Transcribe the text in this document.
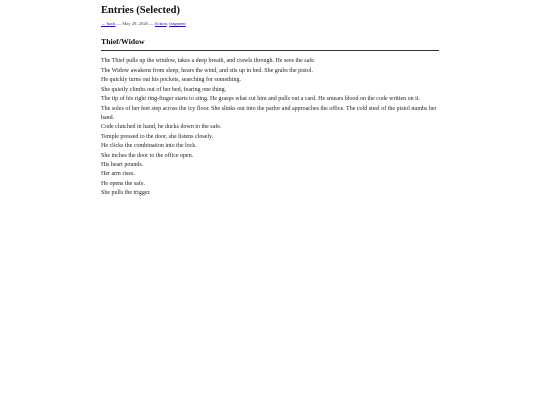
Entries (Selected)
← back — May 28, 2026 — fiction, fragment
Thief/Widow

The Thief pulls up the window, takes a deep breath, and crawls through. He sees the safe.

The Widow awakens from sleep, hears the wind, and sits up in bed. She grabs the pistol.

He quickly turns out his pockets, searching for something.

She quietly climbs out of her bed, fearing one thing.

The tip of his right ring-finger starts to sting. He grasps what cut him and pulls out a card. He smears blood on the code written on it.

The soles of her feet step across the icy floor. She slinks out into the parlor and approaches the office. The cold steel of the pistol numbs her hand.

Code clutched in hand, he ducks down to the safe.

Temple pressed to the door, she listens closely.

He clicks the combination into the lock.

She inches the door to the office open.

His heart pounds.

Her arm rises.

He opens the safe.

She pulls the trigger.
